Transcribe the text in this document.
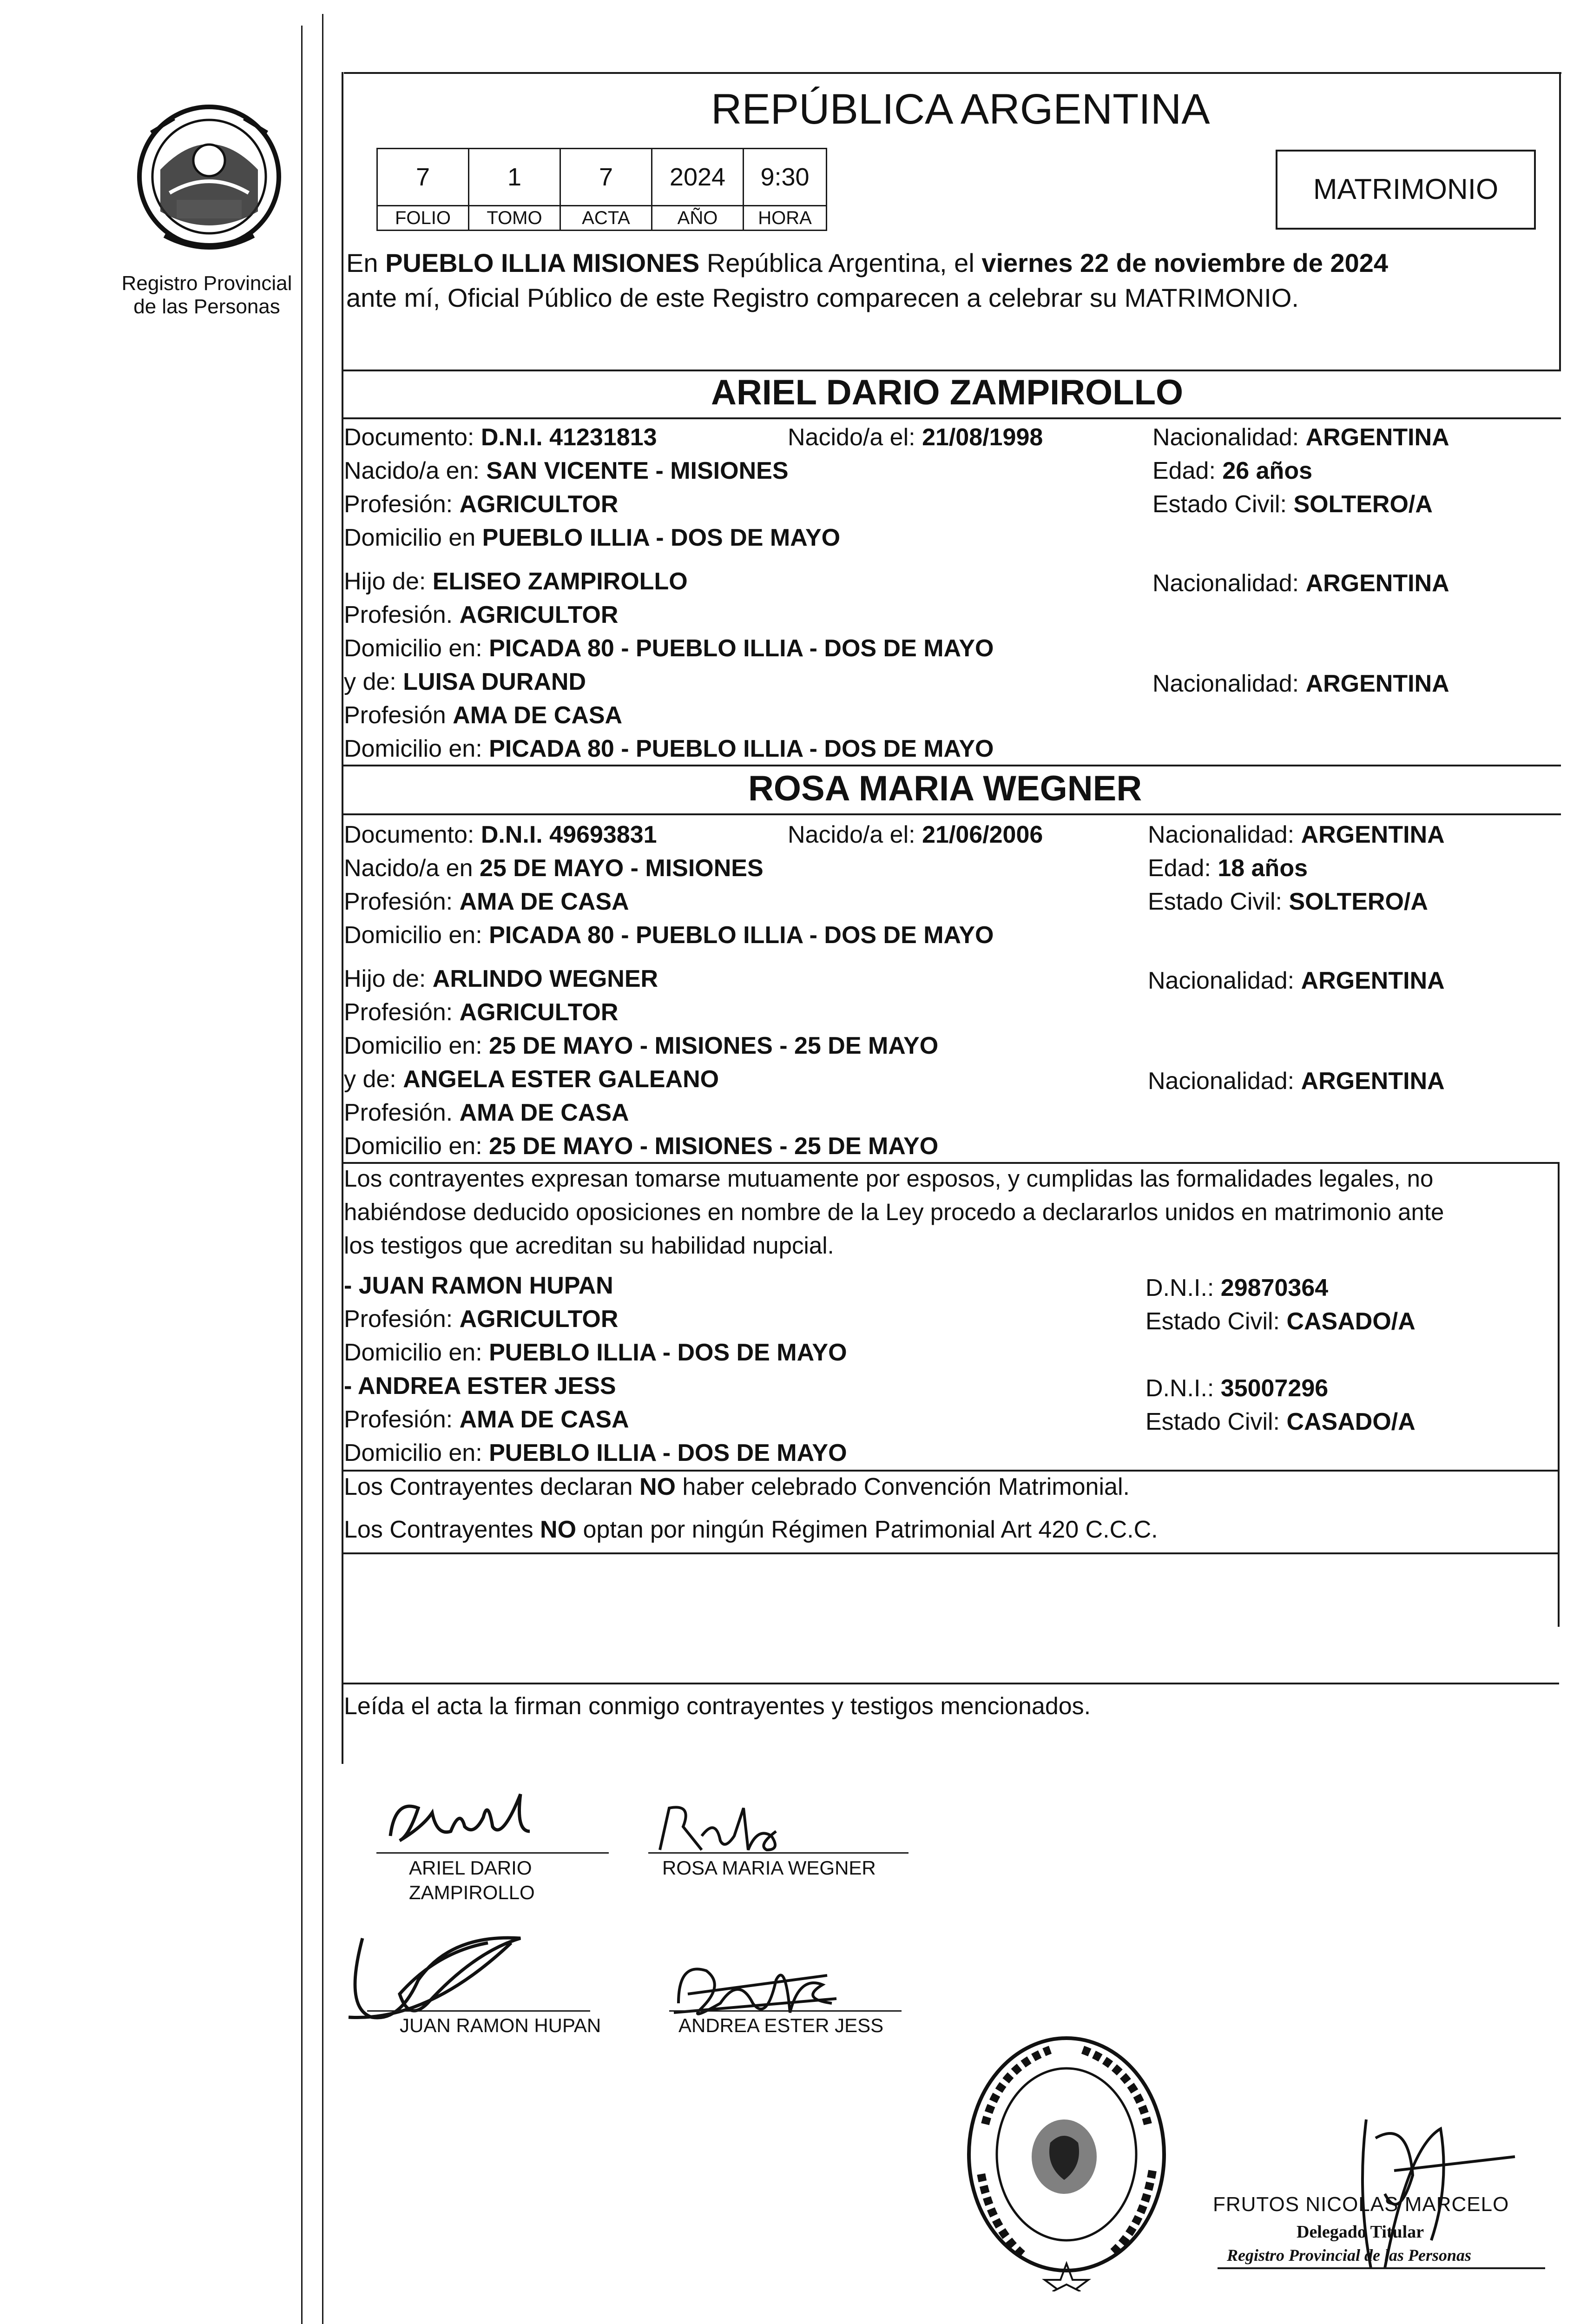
Registro Provincial
de las Personas
REPÚBLICA ARGENTINA
7	1	7	2024	9:30
FOLIO	TOMO	ACTA	AÑO	HORA
MATRIMONIO
En PUEBLO ILLIA MISIONES República Argentina, el viernes 22 de noviembre de 2024
ante mí, Oficial Público de este Registro comparecen a celebrar su MATRIMONIO.
ARIEL DARIO ZAMPIROLLO
Documento: D.N.I. 41231813	Nacido/a el: 21/08/1998	Nacionalidad: ARGENTINA
Nacido/a en: SAN VICENTE - MISIONES	Edad: 26 años
Profesión: AGRICULTOR	Estado Civil: SOLTERO/A
Domicilio en PUEBLO ILLIA - DOS DE MAYO
Hijo de: ELISEO ZAMPIROLLO	Nacionalidad: ARGENTINA
Profesión. AGRICULTOR
Domicilio en: PICADA 80 - PUEBLO ILLIA - DOS DE MAYO
y de: LUISA DURAND	Nacionalidad: ARGENTINA
Profesión AMA DE CASA
Domicilio en: PICADA 80 - PUEBLO ILLIA - DOS DE MAYO
ROSA MARIA WEGNER
Documento: D.N.I. 49693831	Nacido/a el: 21/06/2006	Nacionalidad: ARGENTINA
Nacido/a en 25 DE MAYO - MISIONES	Edad: 18 años
Profesión: AMA DE CASA	Estado Civil: SOLTERO/A
Domicilio en: PICADA 80 - PUEBLO ILLIA - DOS DE MAYO
Hijo de: ARLINDO WEGNER	Nacionalidad: ARGENTINA
Profesión: AGRICULTOR
Domicilio en: 25 DE MAYO - MISIONES - 25 DE MAYO
y de: ANGELA ESTER GALEANO	Nacionalidad: ARGENTINA
Profesión. AMA DE CASA
Domicilio en: 25 DE MAYO - MISIONES - 25 DE MAYO
Los contrayentes expresan tomarse mutuamente por esposos, y cumplidas las formalidades legales, no
habiéndose deducido oposiciones en nombre de la Ley procedo a declararlos unidos en matrimonio ante
los testigos que acreditan su habilidad nupcial.
- JUAN RAMON HUPAN	D.N.I.: 29870364
Profesión: AGRICULTOR	Estado Civil: CASADO/A
Domicilio en: PUEBLO ILLIA - DOS DE MAYO
- ANDREA ESTER JESS	D.N.I.: 35007296
Profesión: AMA DE CASA	Estado Civil: CASADO/A
Domicilio en: PUEBLO ILLIA - DOS DE MAYO
Los Contrayentes declaran NO haber celebrado Convención Matrimonial.
Los Contrayentes NO optan por ningún Régimen Patrimonial Art 420 C.C.C.
Leída el acta la firman conmigo contrayentes y testigos mencionados.
ARIEL DARIO
ZAMPIROLLO
ROSA MARIA WEGNER
JUAN RAMON HUPAN	ANDREA ESTER JESS
FRUTOS NICOLAS MARCELO
Delegado Titular
Registro Provincial de las Personas
